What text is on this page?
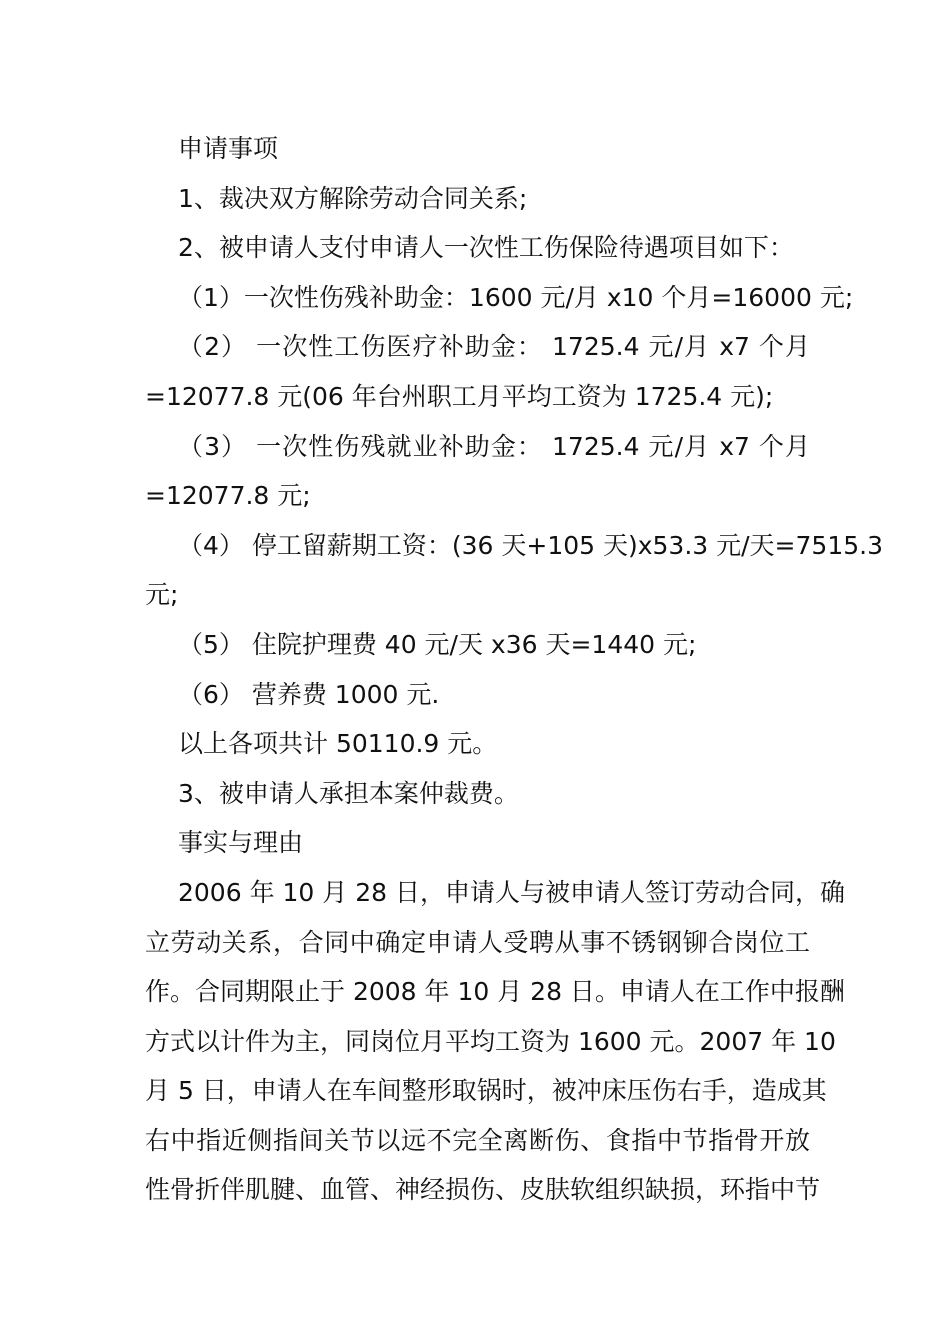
申请事项
1、裁决双方解除劳动合同关系;
2、被申请人支付申请人一次性工伤保险待遇项目如下：
（1）一次性伤残补助金：1600 元/月 x10 个月=16000 元;
（2） 一次性工伤医疗补助金： 1725.4 元/月 x7 个月
=12077.8 元(06 年台州职工月平均工资为 1725.4 元);
（3） 一次性伤残就业补助金： 1725.4 元/月 x7 个月
=12077.8 元;
（4） 停工留薪期工资：(36 天+105 天)x53.3 元/天=7515.3
元;
（5） 住院护理费 40 元/天 x36 天=1440 元;
（6） 营养费 1000 元.
以上各项共计 50110.9 元。
3、被申请人承担本案仲裁费。
事实与理由
2006 年 10 月 28 日，申请人与被申请人签订劳动合同，确
立劳动关系，合同中确定申请人受聘从事不锈钢铆合岗位工
作。合同期限止于 2008 年 10 月 28 日。申请人在工作中报酬
方式以计件为主，同岗位月平均工资为 1600 元。2007 年 10
月 5 日，申请人在车间整形取锅时，被冲床压伤右手，造成其
右中指近侧指间关节以远不完全离断伤、食指中节指骨开放
性骨折伴肌腱、血管、神经损伤、皮肤软组织缺损，环指中节
